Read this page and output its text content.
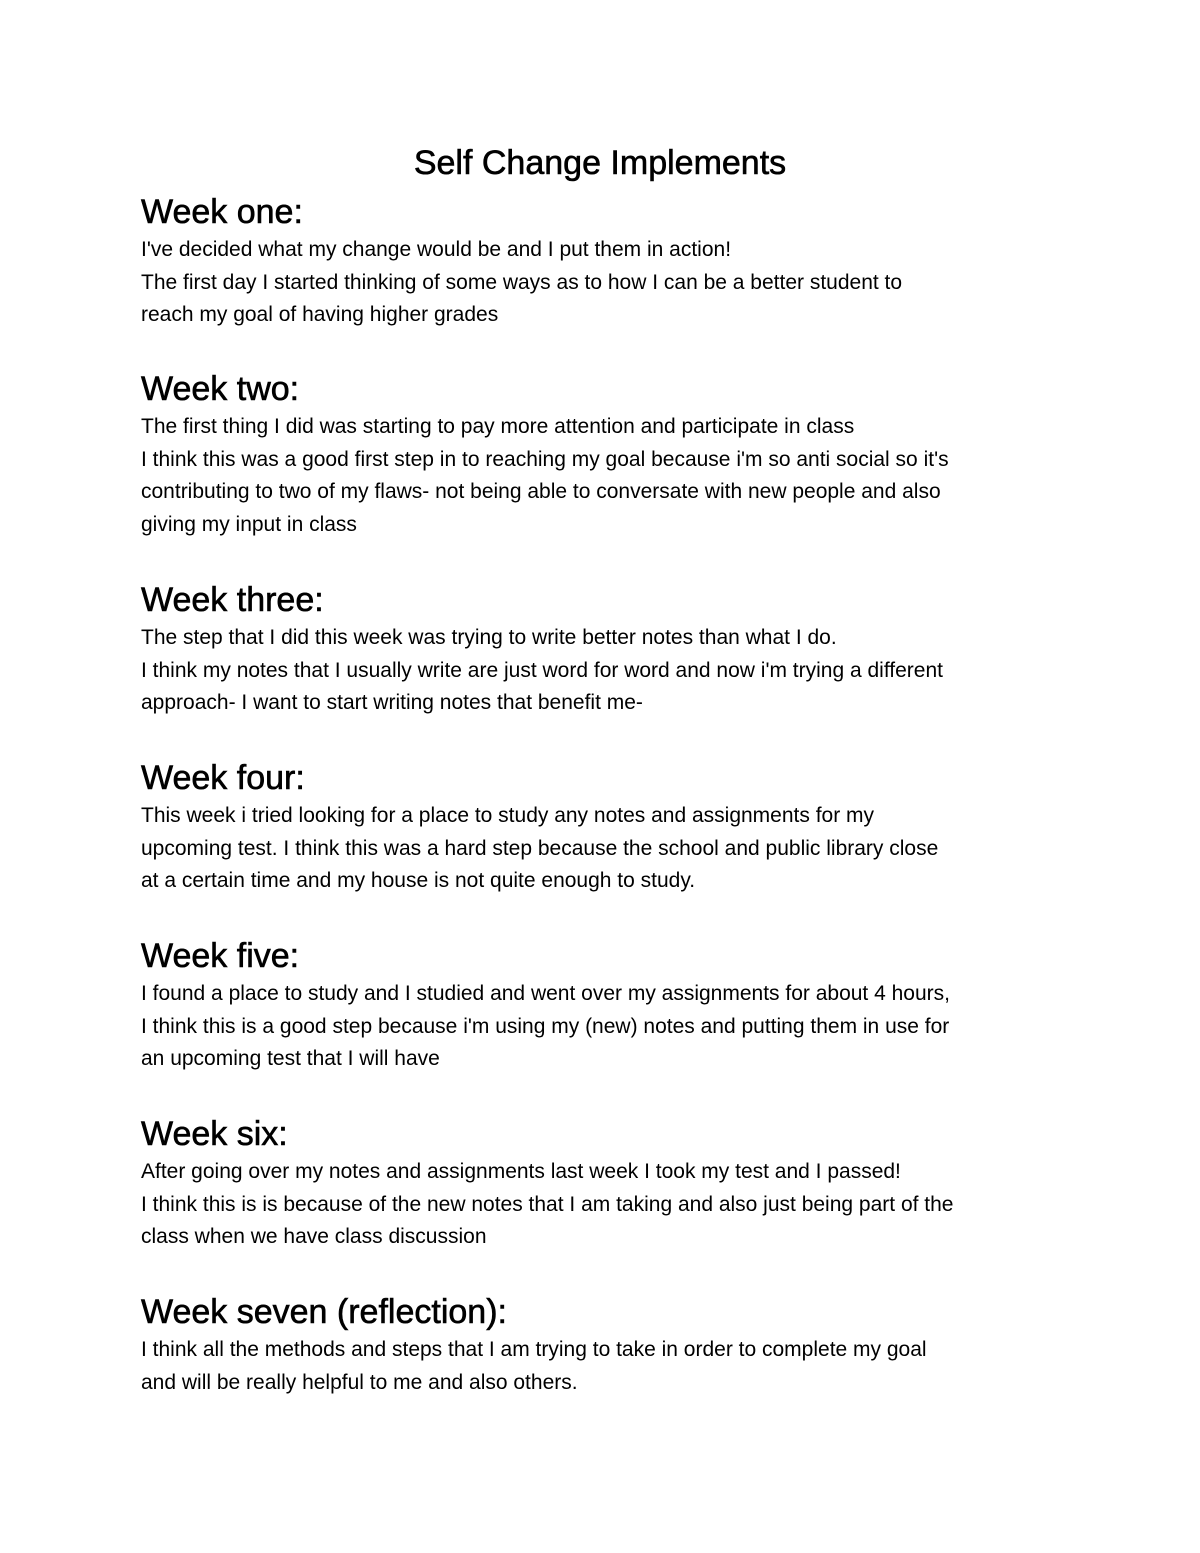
Self Change Implements
Week one:

I've decided what my change would be and I put them in action!

The first day I started thinking of some ways as to how I can be a better student to

reach my goal of having higher grades

Week two:

The first thing I did was starting to pay more attention and participate in class

I think this was a good first step in to reaching my goal because i'm so anti social so it's

contributing to two of my flaws- not being able to conversate with new people and also

giving my input in class

Week three:

The step that I did this week was trying to write better notes than what I do.

I think my notes that I usually write are just word for word and now i'm trying a different

approach- I want to start writing notes that benefit me-

Week four:

This week i tried looking for a place to study any notes and assignments for my

upcoming test. I think this was a hard step because the school and public library close

at a certain time and my house is not quite enough to study.

Week five:

I found a place to study and I studied and went over my assignments for about 4 hours,

I think this is a good step because i'm using my (new) notes and putting them in use for

an upcoming test that I will have

Week six:

After going over my notes and assignments last week I took my test and I passed!

I think this is is because of the new notes that I am taking and also just being part of the

class when we have class discussion

Week seven (reflection):

I think all the methods and steps that I am trying to take in order to complete my goal

and will be really helpful to me and also others.
